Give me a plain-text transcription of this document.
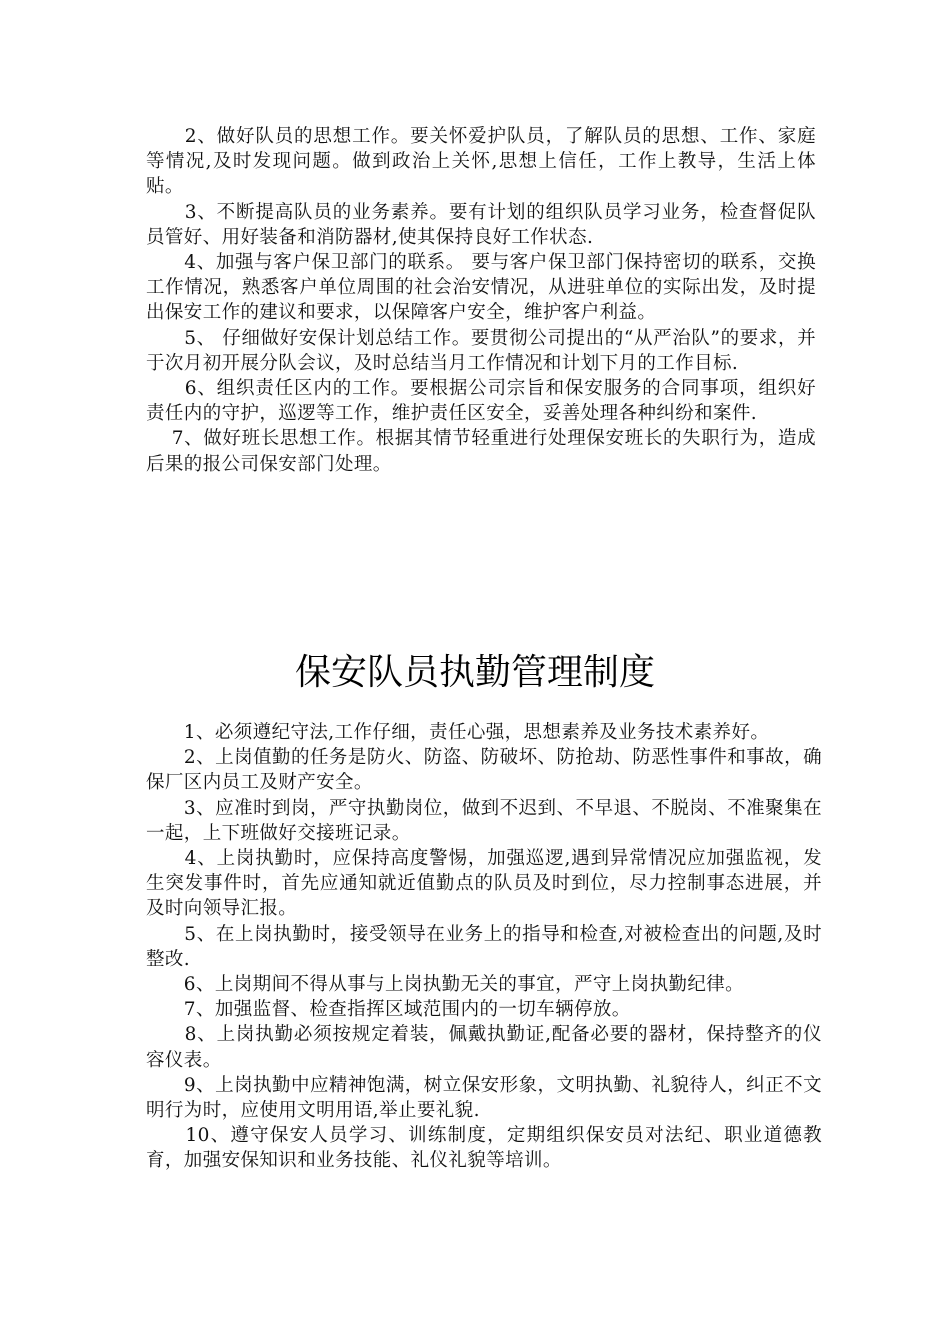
　　2、做好队员的思想工作。要关怀爱护队员，了解队员的思想、工作、家庭等情况,及时发现问题。做到政治上关怀,思想上信任，工作上教导，生活上体贴。

　　3、不断提高队员的业务素养。要有计划的组织队员学习业务，检查督促队员管好、用好装备和消防器材,使其保持良好工作状态.

　　4、加强与客户保卫部门的联系。 要与客户保卫部门保持密切的联系，交换工作情况，熟悉客户单位周围的社会治安情况，从进驻单位的实际出发，及时提出保安工作的建议和要求，以保障客户安全，维护客户利益。

　　5、 仔细做好安保计划总结工作。要贯彻公司提出的“从严治队”的要求，并于次月初开展分队会议，及时总结当月工作情况和计划下月的工作目标.

　　6、组织责任区内的工作。要根据公司宗旨和保安服务的合同事项，组织好责任内的守护，巡逻等工作，维护责任区安全，妥善处理各种纠纷和案件.

　 7、做好班长思想工作。根据其情节轻重进行处理保安班长的失职行为，造成后果的报公司保安部门处理。

保安队员执勤管理制度

　　1、必须遵纪守法,工作仔细，责任心强，思想素养及业务技术素养好。

　　2、上岗值勤的任务是防火、防盗、防破坏、防抢劫、防恶性事件和事故，确保厂区内员工及财产安全。

　　3、应准时到岗，严守执勤岗位，做到不迟到、不早退、不脱岗、不准聚集在一起，上下班做好交接班记录。

　　4、上岗执勤时，应保持高度警惕，加强巡逻,遇到异常情况应加强监视，发生突发事件时，首先应通知就近值勤点的队员及时到位，尽力控制事态进展，并及时向领导汇报。

　　5、在上岗执勤时，接受领导在业务上的指导和检查,对被检查出的问题,及时整改.

　　6、上岗期间不得从事与上岗执勤无关的事宜，严守上岗执勤纪律。

　　7、加强监督、检查指挥区域范围内的一切车辆停放。

　　8、上岗执勤必须按规定着装，佩戴执勤证,配备必要的器材，保持整齐的仪容仪表。

　　9、上岗执勤中应精神饱满，树立保安形象，文明执勤、礼貌待人，纠正不文明行为时，应使用文明用语,举止要礼貌.

　　10、遵守保安人员学习、训练制度，定期组织保安员对法纪、职业道德教育，加强安保知识和业务技能、礼仪礼貌等培训。
